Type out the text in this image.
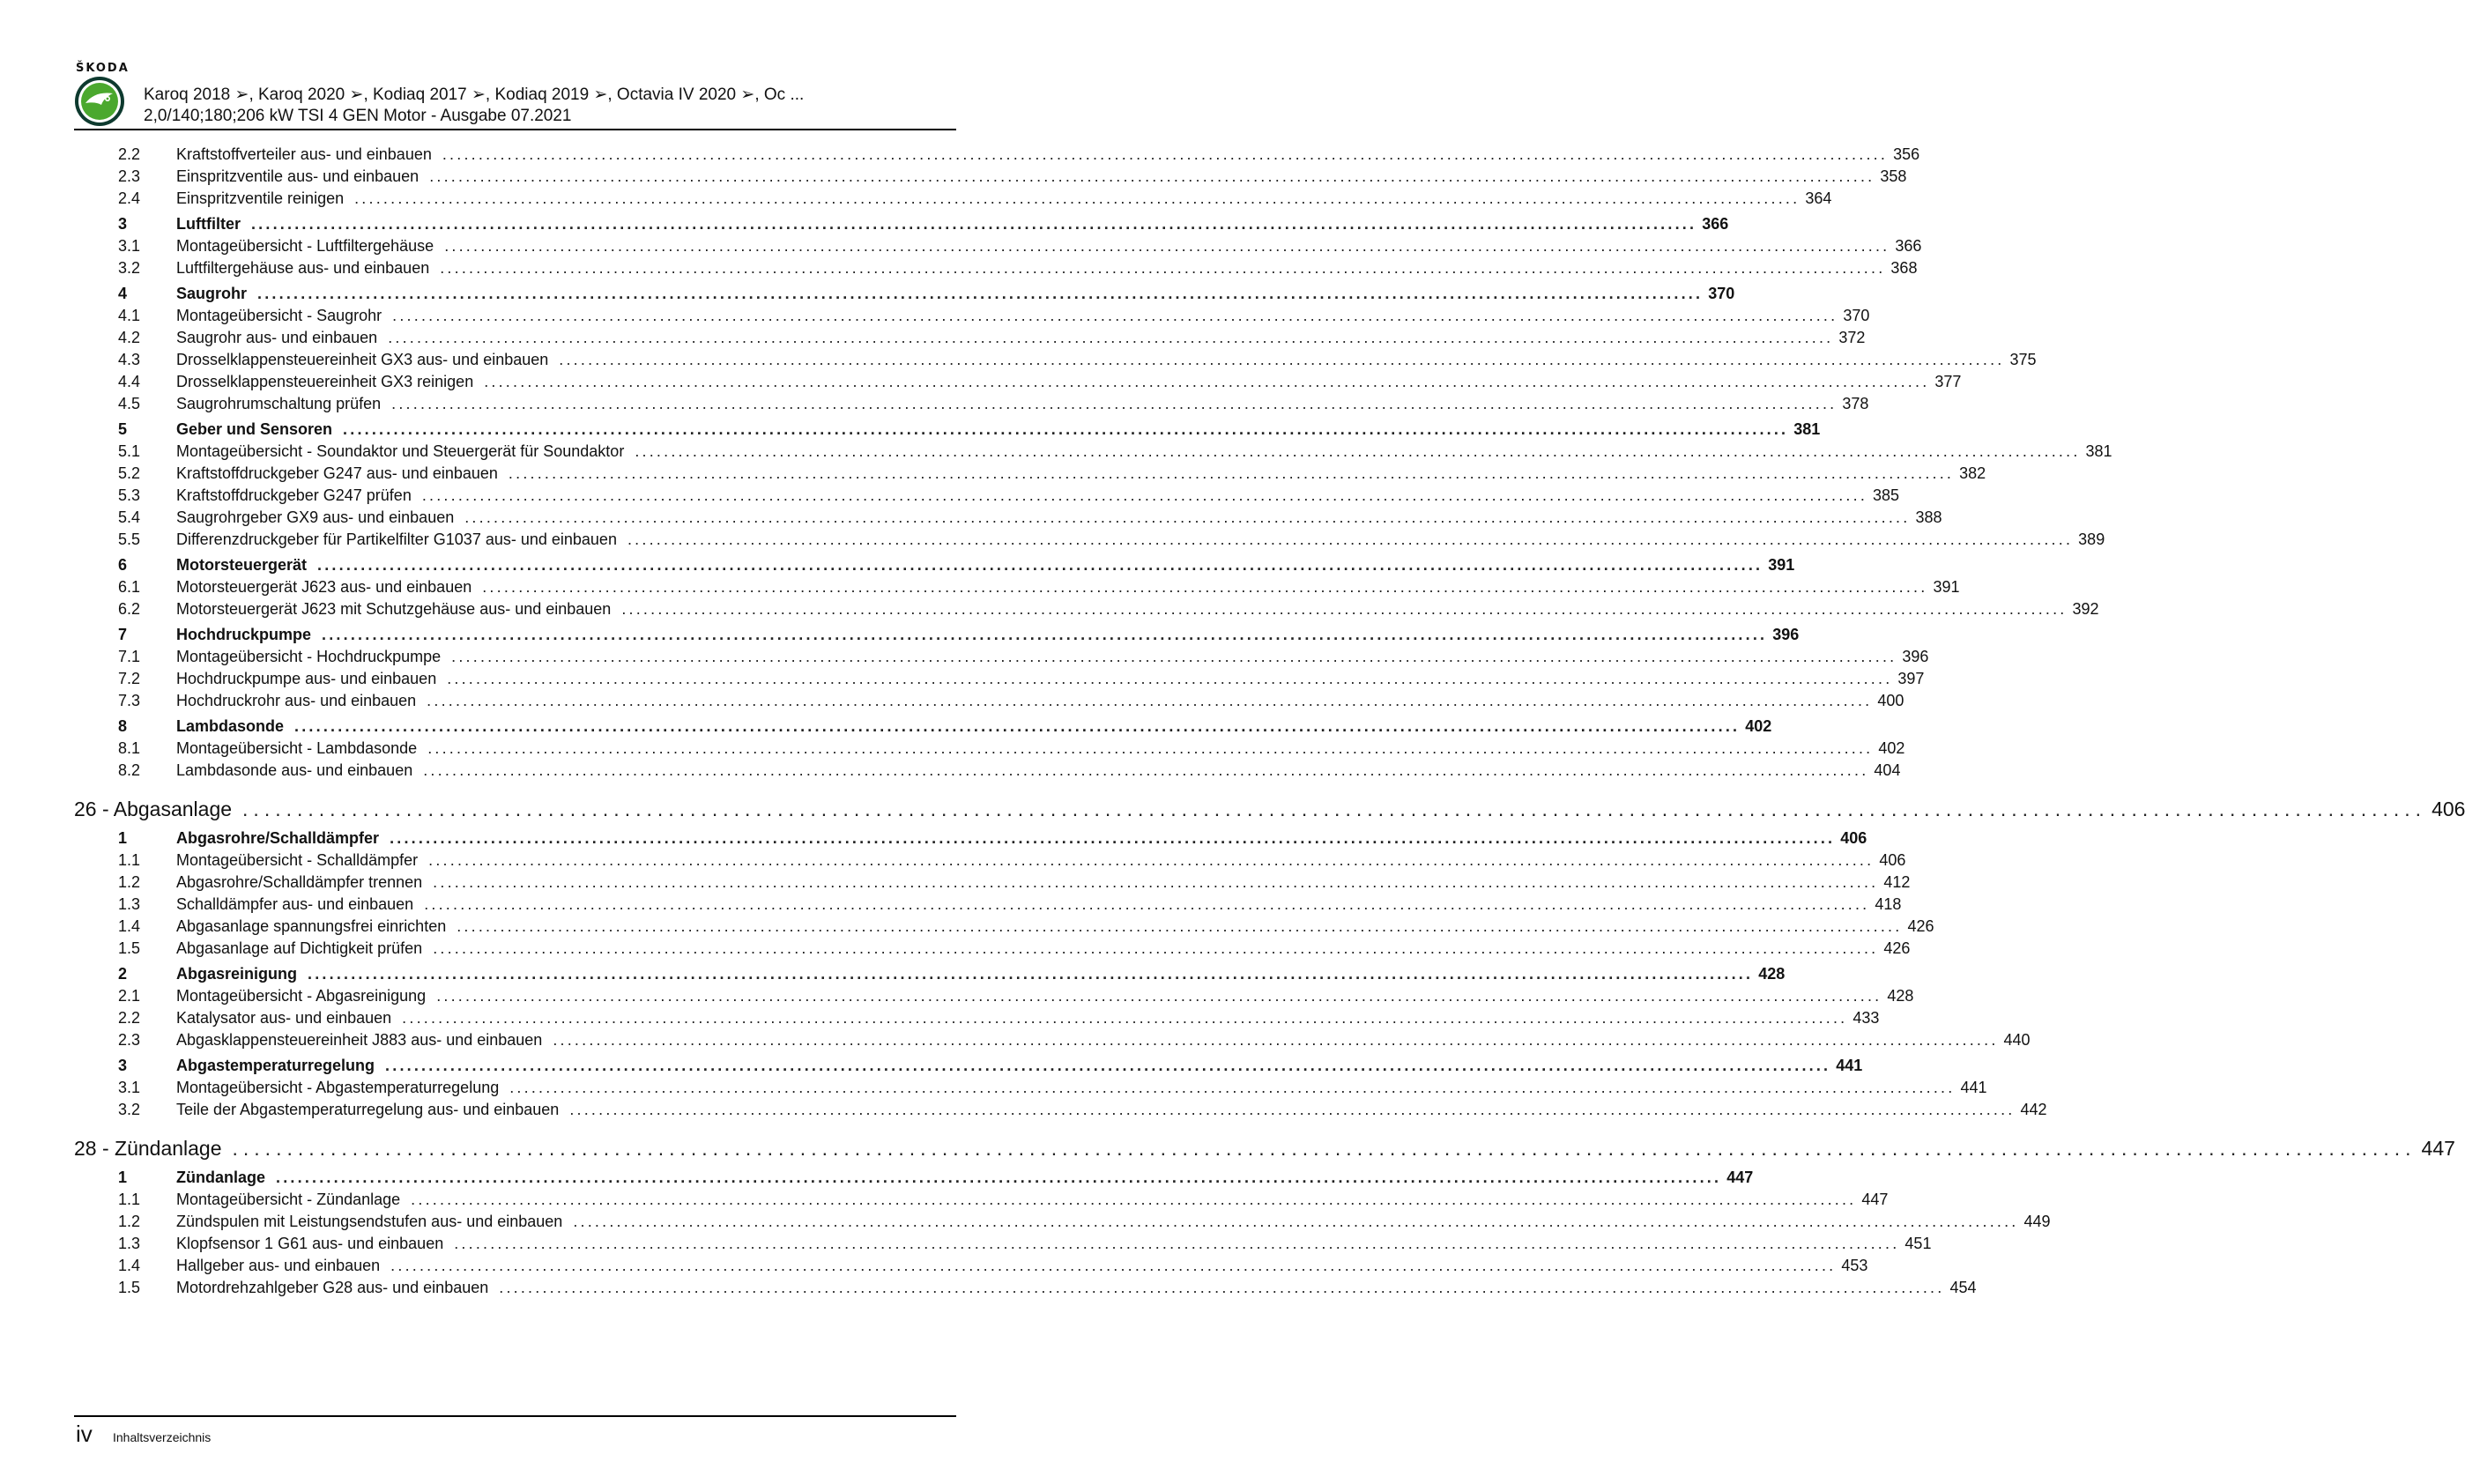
ŠKODA
Karoq 2018 ➢, Karoq 2020 ➢, Kodiaq 2017 ➢, Kodiaq 2019 ➢, Octavia IV 2020 ➢, Oc ...
2,0/140;180;206 kW TSI 4 GEN Motor - Ausgabe 07.2021
2.2 Kraftstoffverteiler aus- und einbauen ........................................................................................................................................................................................................ 356
2.3 Einspritzventile aus- und einbauen ........................................................................................................................................................................................................ 358
2.4 Einspritzventile reinigen ........................................................................................................................................................................................................ 364
3	Luftfilter ........................................................................................................................................................................................................ 366
3.1 Montageübersicht - Luftfiltergehäuse ........................................................................................................................................................................................................ 366
3.2 Luftfiltergehäuse aus- und einbauen ........................................................................................................................................................................................................ 368
4	Saugrohr ........................................................................................................................................................................................................ 370
4.1 Montageübersicht - Saugrohr ........................................................................................................................................................................................................ 370
4.2 Saugrohr aus- und einbauen ........................................................................................................................................................................................................ 372
4.3 Drosselklappensteuereinheit GX3 aus- und einbauen ........................................................................................................................................................................................................ 375
4.4 Drosselklappensteuereinheit GX3 reinigen ........................................................................................................................................................................................................ 377
4.5 Saugrohrumschaltung prüfen ........................................................................................................................................................................................................ 378
5	Geber und Sensoren ........................................................................................................................................................................................................ 381
5.1 Montageübersicht - Soundaktor und Steuergerät für Soundaktor ........................................................................................................................................................................................................ 381
5.2 Kraftstoffdruckgeber G247 aus- und einbauen ........................................................................................................................................................................................................ 382
5.3 Kraftstoffdruckgeber G247 prüfen ........................................................................................................................................................................................................ 385
5.4 Saugrohrgeber GX9 aus- und einbauen ........................................................................................................................................................................................................ 388
5.5 Differenzdruckgeber für Partikelfilter G1037 aus- und einbauen ........................................................................................................................................................................................................ 389
6	Motorsteuergerät ........................................................................................................................................................................................................ 391
6.1 Motorsteuergerät J623 aus- und einbauen ........................................................................................................................................................................................................ 391
6.2 Motorsteuergerät J623 mit Schutzgehäuse aus- und einbauen ........................................................................................................................................................................................................ 392
7	Hochdruckpumpe ........................................................................................................................................................................................................ 396
7.1 Montageübersicht - Hochdruckpumpe ........................................................................................................................................................................................................ 396
7.2 Hochdruckpumpe aus- und einbauen ........................................................................................................................................................................................................ 397
7.3 Hochdruckrohr aus- und einbauen ........................................................................................................................................................................................................ 400
8	Lambdasonde ........................................................................................................................................................................................................ 402
8.1 Montageübersicht - Lambdasonde ........................................................................................................................................................................................................ 402
8.2 Lambdasonde aus- und einbauen ........................................................................................................................................................................................................ 404
26 - Abgasanlage ........................................................................................................................................................................................................ 406
1	Abgasrohre/Schalldämpfer ........................................................................................................................................................................................................ 406
1.1 Montageübersicht - Schalldämpfer ........................................................................................................................................................................................................ 406
1.2 Abgasrohre/Schalldämpfer trennen ........................................................................................................................................................................................................ 412
1.3 Schalldämpfer aus- und einbauen ........................................................................................................................................................................................................ 418
1.4 Abgasanlage spannungsfrei einrichten ........................................................................................................................................................................................................ 426
1.5 Abgasanlage auf Dichtigkeit prüfen ........................................................................................................................................................................................................ 426
2	Abgasreinigung ........................................................................................................................................................................................................ 428
2.1 Montageübersicht - Abgasreinigung ........................................................................................................................................................................................................ 428
2.2 Katalysator aus- und einbauen ........................................................................................................................................................................................................ 433
2.3 Abgasklappensteuereinheit J883 aus- und einbauen ........................................................................................................................................................................................................ 440
3	Abgastemperaturregelung ........................................................................................................................................................................................................ 441
3.1 Montageübersicht - Abgastemperaturregelung ........................................................................................................................................................................................................ 441
3.2 Teile der Abgastemperaturregelung aus- und einbauen ........................................................................................................................................................................................................ 442
28 - Zündanlage ........................................................................................................................................................................................................ 447
1	Zündanlage ........................................................................................................................................................................................................ 447
1.1 Montageübersicht - Zündanlage ........................................................................................................................................................................................................ 447
1.2 Zündspulen mit Leistungsendstufen aus- und einbauen ........................................................................................................................................................................................................ 449
1.3 Klopfsensor 1 G61 aus- und einbauen ........................................................................................................................................................................................................ 451
1.4 Hallgeber aus- und einbauen ........................................................................................................................................................................................................ 453
1.5 Motordrehzahlgeber G28 aus- und einbauen ........................................................................................................................................................................................................ 454
iv Inhaltsverzeichnis
